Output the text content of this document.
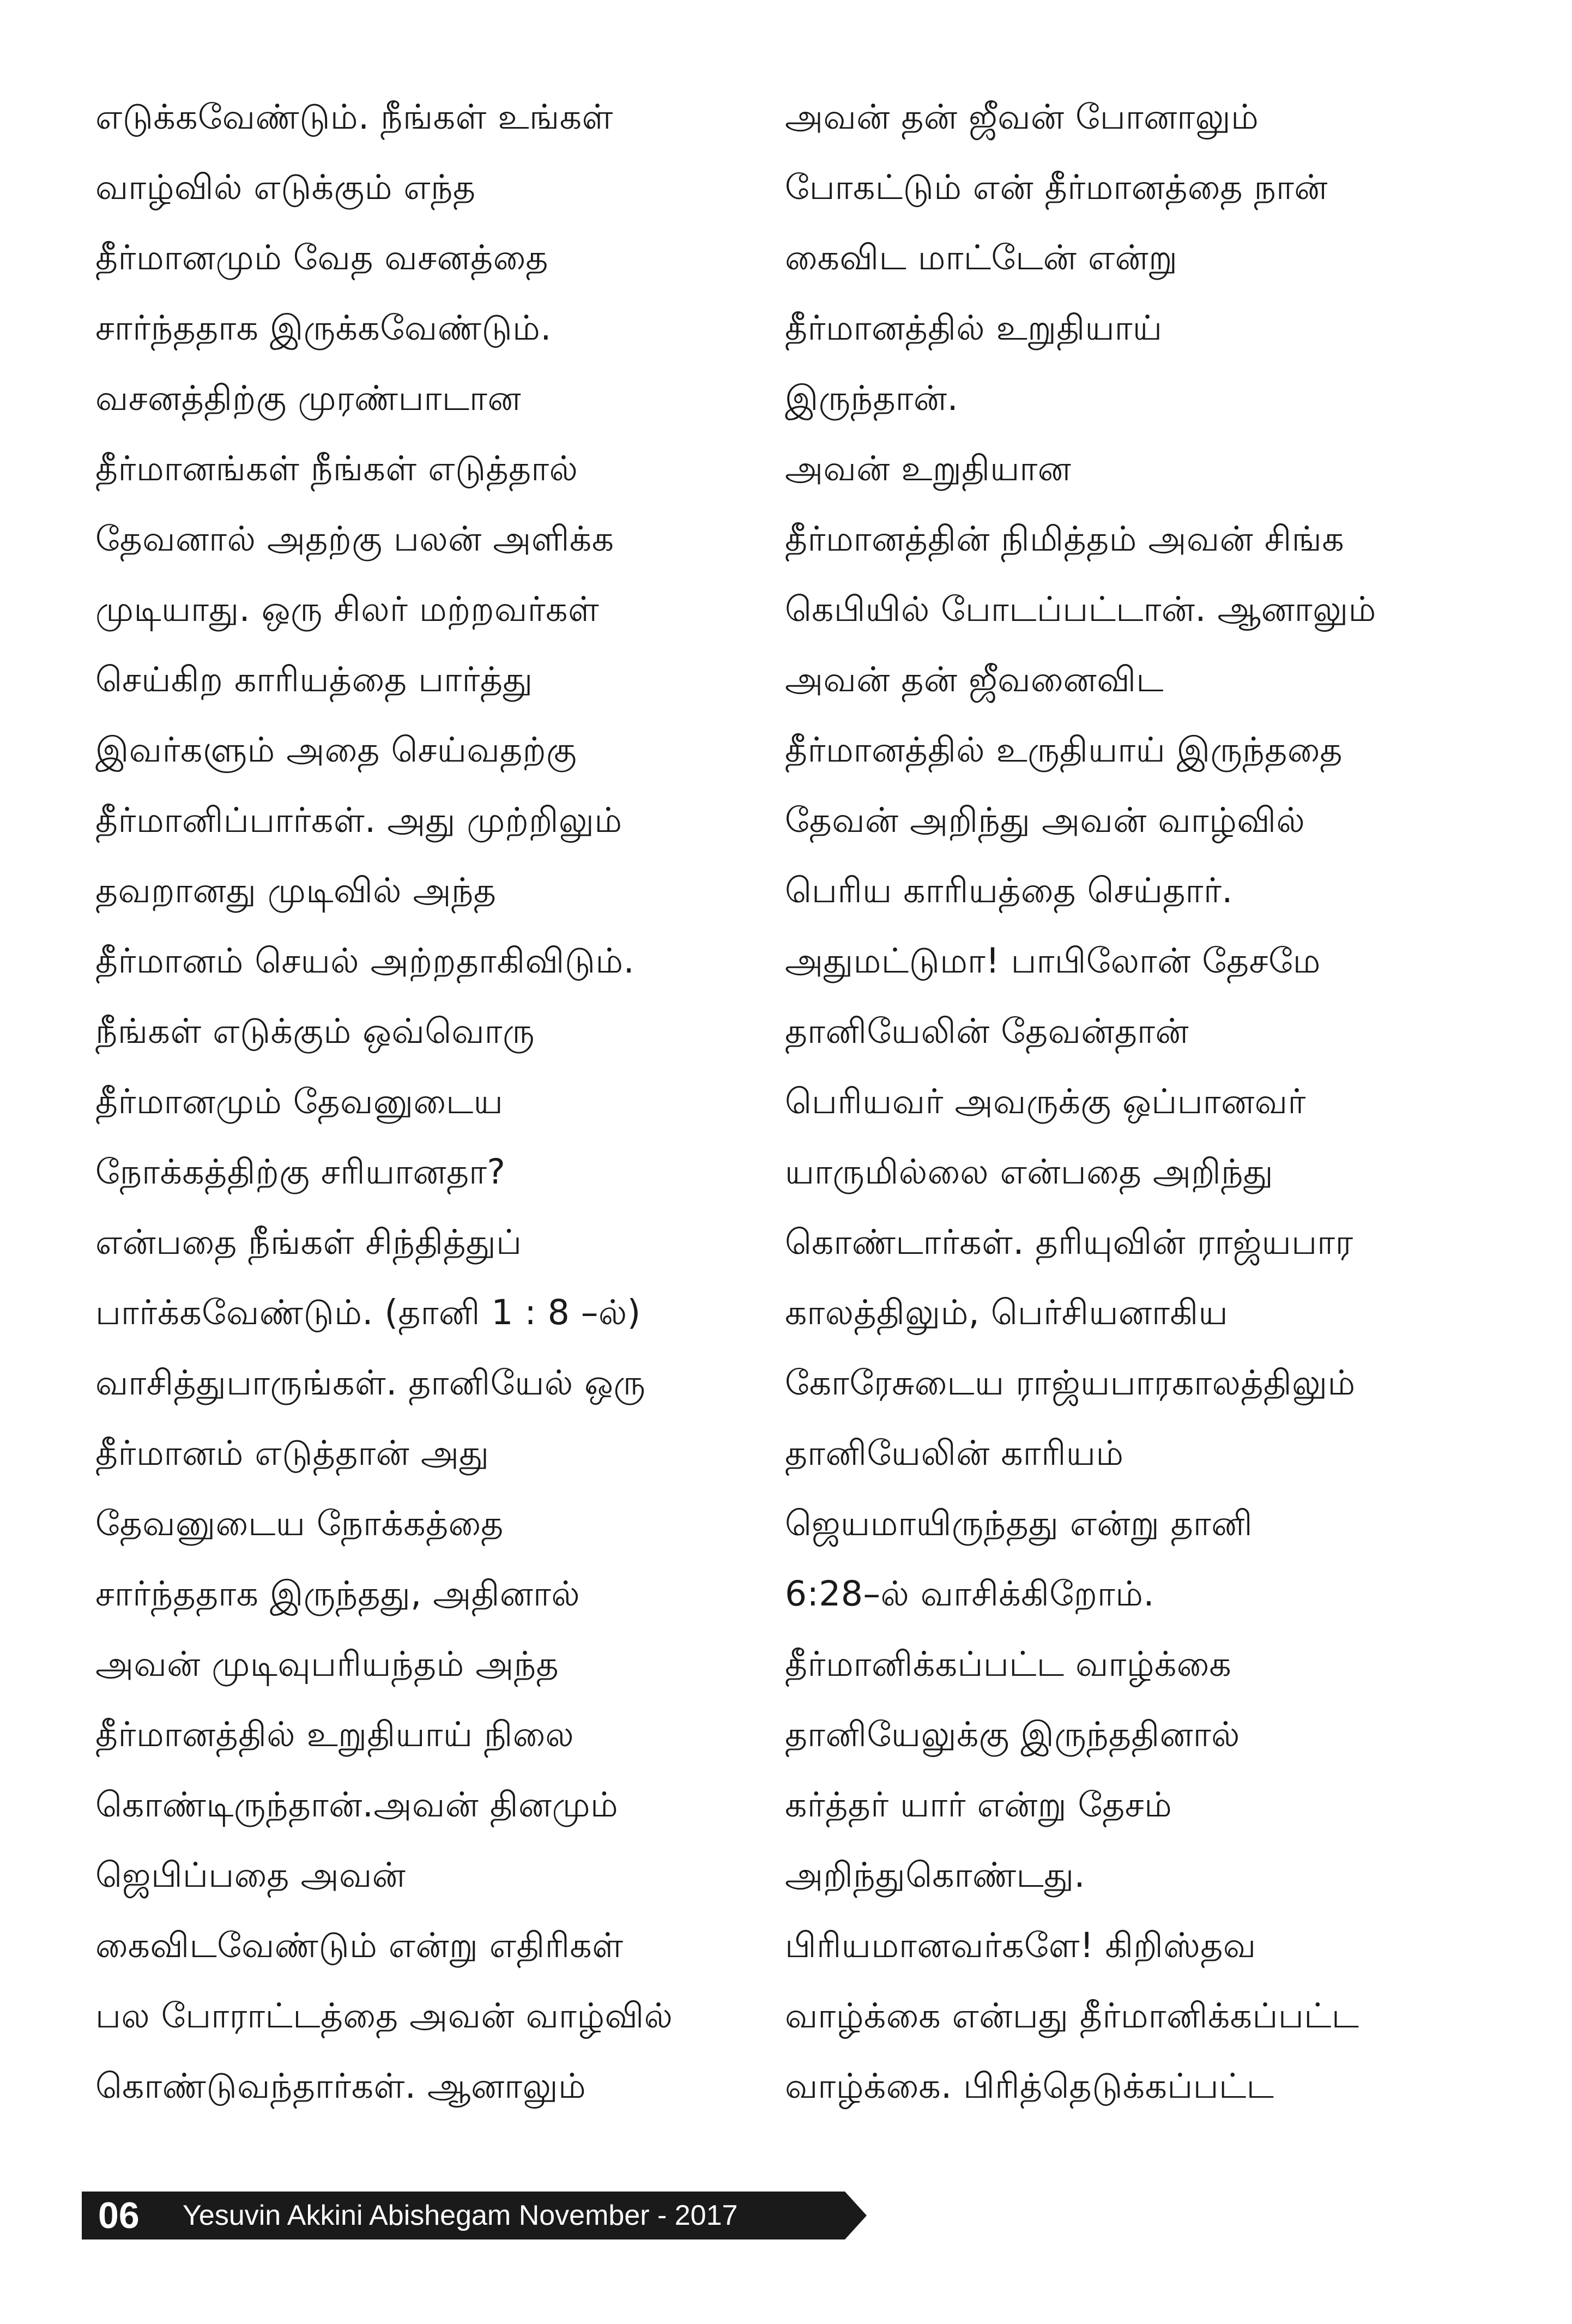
எடுக்கவேண்டும். நீங்கள் உங்கள்
வாழ்வில் எடுக்கும் எந்த
தீர்மானமும் வேத வசனத்தை
சார்ந்ததாக இருக்கவேண்டும்.
வசனத்திற்கு முரண்பாடான
தீர்மானங்கள் நீங்கள் எடுத்தால்
தேவனால் அதற்கு பலன் அளிக்க
முடியாது. ஒரு சிலர் மற்றவர்கள்
செய்கிற காரியத்தை பார்த்து
இவர்களும் அதை செய்வதற்கு
தீர்மானிப்பார்கள். அது முற்றிலும்
தவறானது முடிவில் அந்த
தீர்மானம் செயல் அற்றதாகிவிடும்.
நீங்கள் எடுக்கும் ஒவ்வொரு
தீர்மானமும் தேவனுடைய
நோக்கத்திற்கு சரியானதா?
என்பதை நீங்கள் சிந்தித்துப்
பார்க்கவேண்டும். (தானி 1 : 8 –ல்)
வாசித்துபாருங்கள். தானியேல் ஒரு
தீர்மானம் எடுத்தான் அது
தேவனுடைய நோக்கத்தை
சார்ந்ததாக இருந்தது, அதினால்
அவன் முடிவுபரியந்தம் அந்த
தீர்மானத்தில் உறுதியாய் நிலை
கொண்டிருந்தான்.அவன் தினமும்
ஜெபிப்பதை அவன்
கைவிடவேண்டும் என்று எதிரிகள்
பல போராட்டத்தை அவன் வாழ்வில்
கொண்டுவந்தார்கள். ஆனாலும்
அவன் தன் ஜீவன் போனாலும்
போகட்டும் என் தீர்மானத்தை நான்
கைவிட மாட்டேன் என்று
தீர்மானத்தில் உறுதியாய்
இருந்தான்.
அவன் உறுதியான
தீர்மானத்தின் நிமித்தம் அவன் சிங்க
கெபியில் போடப்பட்டான். ஆனாலும்
அவன் தன் ஜீவனைவிட
தீர்மானத்தில் உருதியாய் இருந்ததை
தேவன் அறிந்து அவன் வாழ்வில்
பெரிய காரியத்தை செய்தார்.
அதுமட்டுமா! பாபிலோன் தேசமே
தானியேலின் தேவன்தான்
பெரியவர் அவருக்கு ஒப்பானவர்
யாருமில்லை என்பதை அறிந்து
கொண்டார்கள். தரியுவின் ராஜ்யபார
காலத்திலும், பெர்சியனாகிய
கோரேசுடைய ராஜ்யபாரகாலத்திலும்
தானியேலின் காரியம்
ஜெயமாயிருந்தது என்று தானி
6:28–ல் வாசிக்கிறோம்.
தீர்மானிக்கப்பட்ட வாழ்க்கை
தானியேலுக்கு இருந்ததினால்
கர்த்தர் யார் என்று தேசம்
அறிந்துகொண்டது.
பிரியமானவர்களே! கிறிஸ்தவ
வாழ்க்கை என்பது தீர்மானிக்கப்பட்ட
வாழ்க்கை. பிரித்தெடுக்கப்பட்ட
06 Yesuvin Akkini Abishegam November - 2017
